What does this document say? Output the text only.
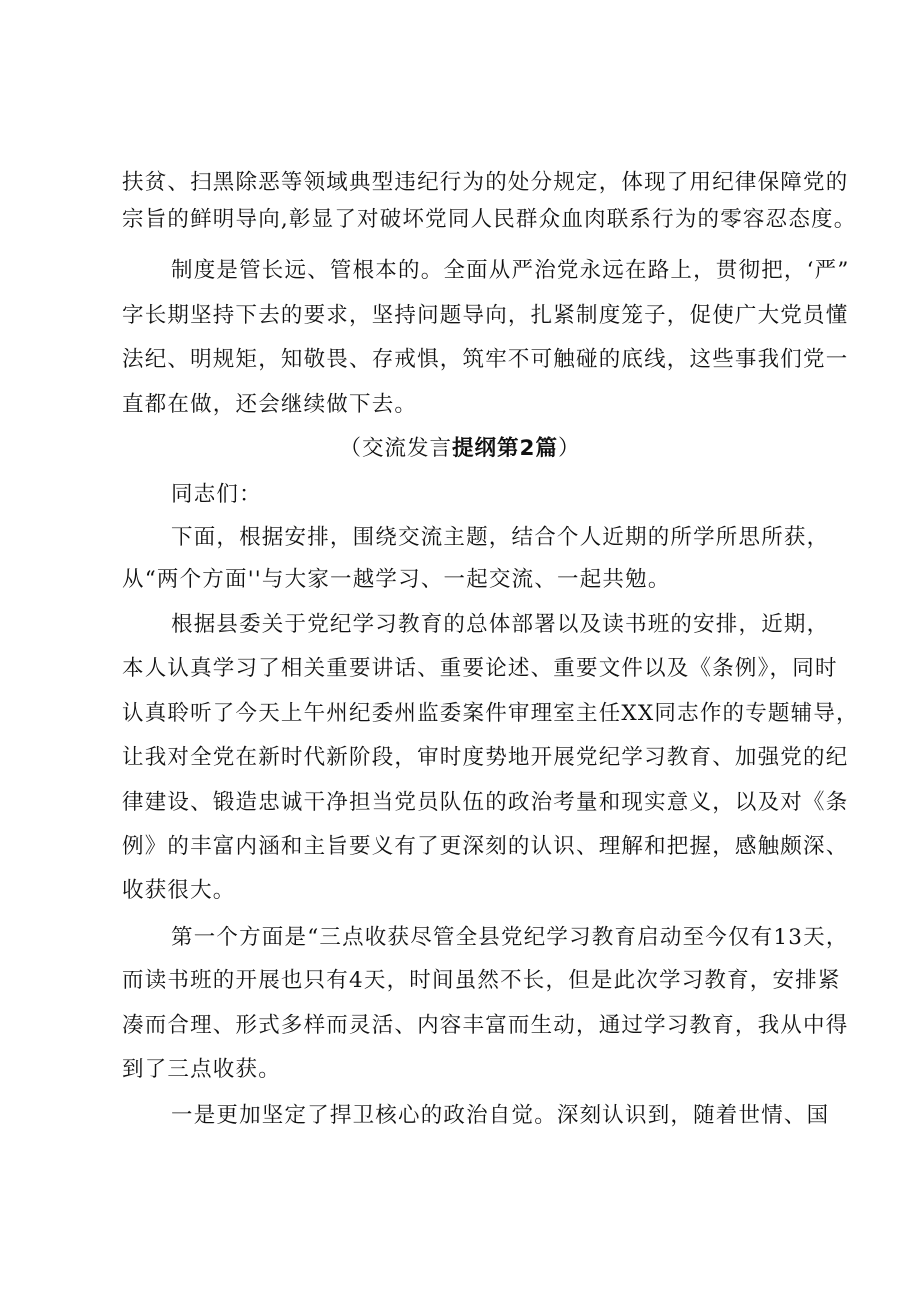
扶贫、扫黑除恶等领域典型违纪行为的处分规定，体现了用纪律保障党的
宗旨的鲜明导向,彰显了对破坏党同人民群众血肉联系行为的零容忍态度。
制度是管长远、管根本的。全面从严治党永远在路上，贯彻把，‘严”
字长期坚持下去的要求，坚持问题导向，扎紧制度笼子，促使广大党员懂
法纪、明规矩，知敬畏、存戒惧，筑牢不可触碰的底线，这些事我们党一
直都在做，还会继续做下去。
（交流发言提纲第2篇）
同志们：
下面，根据安排，围绕交流主题，结合个人近期的所学所思所获，
从“两个方面''与大家一越学习、一起交流、一起共勉。
根据县委关于党纪学习教育的总体部署以及读书班的安排，近期，
本人认真学习了相关重要讲话、重要论述、重要文件以及《条例》，同时
认真聆听了今天上午州纪委州监委案件审理室主任XX同志作的专题辅导，
让我对全党在新时代新阶段，审时度势地开展党纪学习教育、加强党的纪
律建设、锻造忠诚干净担当党员队伍的政治考量和现实意义，以及对《条
例》的丰富内涵和主旨要义有了更深刻的认识、理解和把握，感触颇深、
收获很大。
第一个方面是“三点收获尽管全县党纪学习教育启动至今仅有13天，
而读书班的开展也只有4天，时间虽然不长，但是此次学习教育，安排紧
凑而合理、形式多样而灵活、内容丰富而生动，通过学习教育，我从中得
到了三点收获。
一是更加坚定了捍卫核心的政治自觉。深刻认识到，随着世情、国
